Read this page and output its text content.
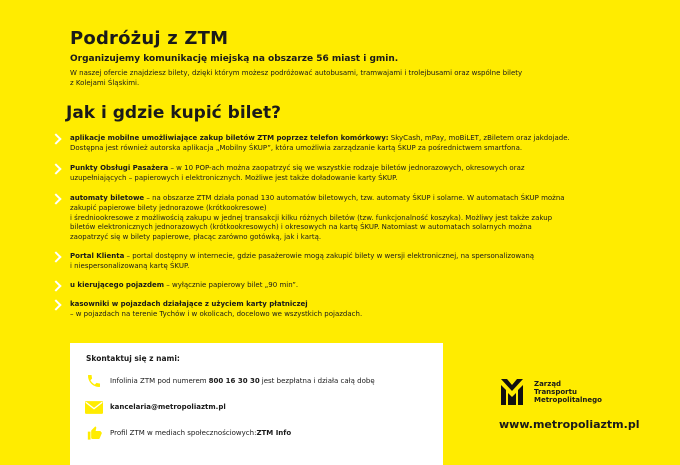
Podróżuj z ZTM
Organizujemy komunikację miejską na obszarze 56 miast i gmin.
W naszej ofercie znajdziesz bilety, dzięki którym możesz podróżować autobusami, tramwajami i trolejbusami oraz wspólne bilety
z Kolejami Śląskimi.
Jak i gdzie kupić bilet?
aplikacje mobilne umożliwiające zakup biletów ZTM poprzez telefon komórkowy: SkyCash, mPay, moBiLET, zBiletem oraz jakdojade.
Dostępna jest również autorska aplikacja „Mobilny ŚKUP”, która umożliwia zarządzanie kartą ŚKUP za pośrednictwem smartfona.
Punkty Obsługi Pasażera – w 10 POP-ach można zaopatrzyć się we wszystkie rodzaje biletów jednorazowych, okresowych oraz
uzupełniających – papierowych i elektronicznych. Możliwe jest także doładowanie karty ŚKUP.
automaty biletowe – na obszarze ZTM działa ponad 130 automatów biletowych, tzw. automaty ŚKUP i solarne. W automatach ŚKUP można
zakupić papierowe bilety jednorazowe (krótkookresowe)
i średniookresowe z możliwością zakupu w jednej transakcji kilku różnych biletów (tzw. funkcjonalność koszyka). Możliwy jest także zakup
biletów elektronicznych jednorazowych (krótkookresowych) i okresowych na kartę ŚKUP. Natomiast w automatach solarnych można
zaopatrzyć się w bilety papierowe, płacąc zarówno gotówką, jak i kartą.
Portal Klienta – portal dostępny w internecie, gdzie pasażerowie mogą zakupić bilety w wersji elektronicznej, na spersonalizowaną
i niespersonalizowaną kartę ŚKUP.
u kierującego pojazdem – wyłącznie papierowy bilet „90 min”.
kasowniki w pojazdach działające z użyciem karty płatniczej
– w pojazdach na terenie Tychów i w okolicach, docelowo we wszystkich pojazdach.
Skontaktuj się z nami:
Infolinia ZTM pod numerem 800 16 30 30 jest bezpłatna i działa całą dobę
kancelaria@metropoliaztm.pl
Profil ZTM w mediach społecznościowych: ZTM Info
Zarząd
Transportu
Metropolitalnego
www.metropoliaztm.pl
